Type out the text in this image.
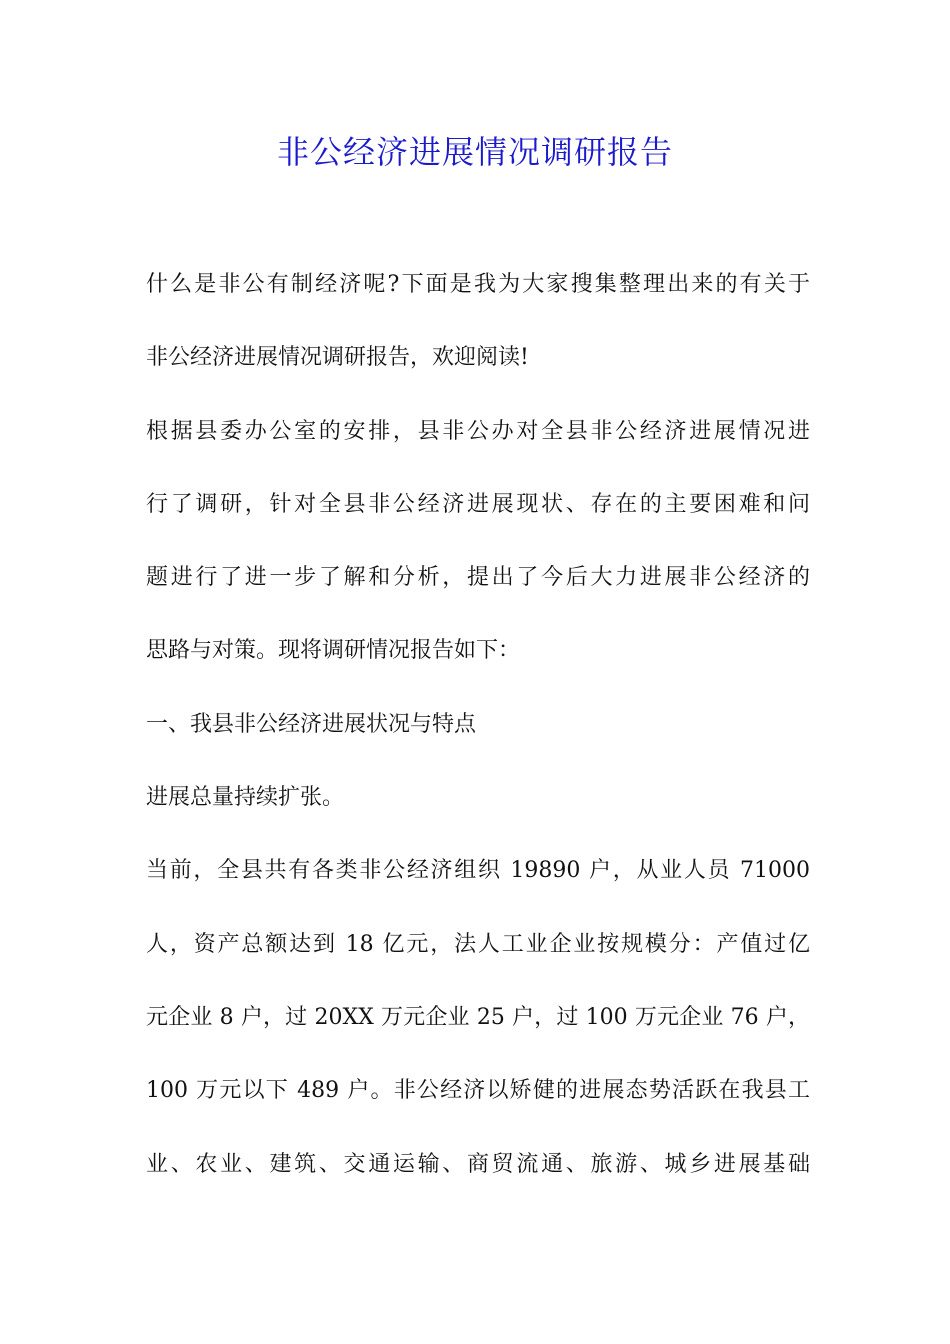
非公经济进展情况调研报告
什么是非公有制经济呢?下面是我为大家搜集整理出来的有关于
非公经济进展情况调研报告，欢迎阅读!
根据县委办公室的安排，县非公办对全县非公经济进展情况进
行了调研，针对全县非公经济进展现状、存在的主要困难和问
题进行了进一步了解和分析，提出了今后大力进展非公经济的
思路与对策。现将调研情况报告如下：
一、我县非公经济进展状况与特点
进展总量持续扩张。
当前，全县共有各类非公经济组织 19890 户，从业人员 71000
人，资产总额达到 18 亿元，法人工业企业按规模分：产值过亿
元企业 8 户，过 20XX 万元企业 25 户，过 100 万元企业 76 户，
100 万元以下 489 户。非公经济以矫健的进展态势活跃在我县工
业、农业、建筑、交通运输、商贸流通、旅游、城乡进展基础
